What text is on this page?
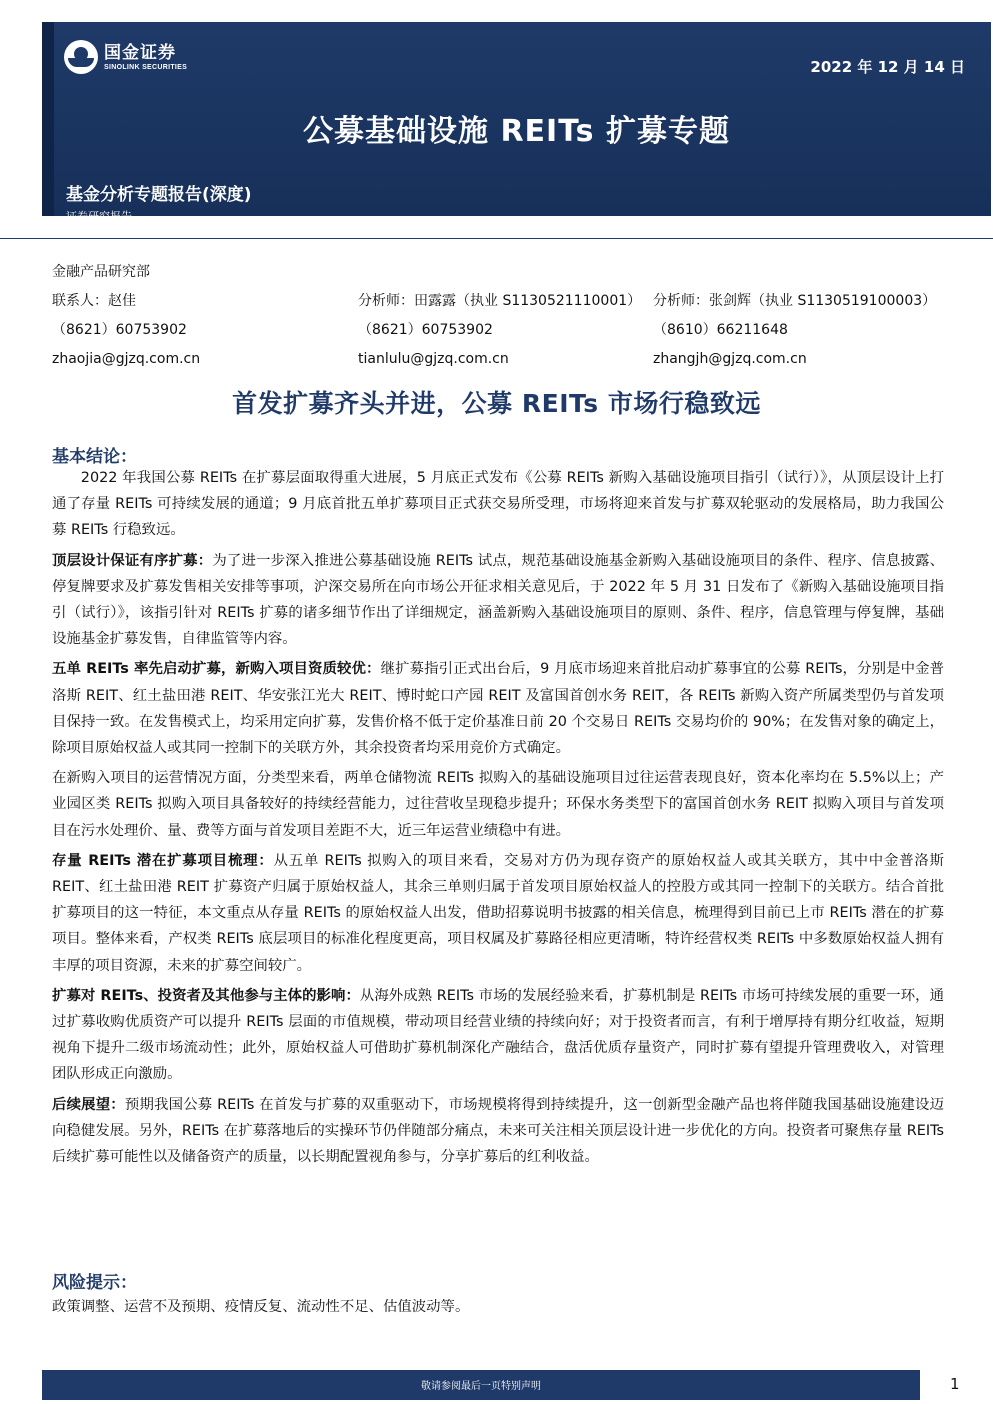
国金证券
SINOLINK SECURITIES	2022 年 12 月 14 日
公募基础设施 REITs 扩募专题
基金分析专题报告(深度)
证券研究报告
金融产品研究部
联系人：赵佳
（8621）60753902
zhaojia@gjzq.com.cn
分析师：田露露（执业 S1130521110001）
（8621）60753902
tianlulu@gjzq.com.cn
分析师：张剑辉（执业 S1130519100003）
（8610）66211648
zhangjh@gjzq.com.cn
首发扩募齐头并进，公募 REITs 市场行稳致远
基本结论：

2022 年我国公募 REITs 在扩募层面取得重大进展，5 月底正式发布《公募 REITs 新购入基础设施项目指引（试行）》，从顶层设计上打通了存量 REITs 可持续发展的通道；9 月底首批五单扩募项目正式获交易所受理，市场将迎来首发与扩募双轮驱动的发展格局，助力我国公募 REITs 行稳致远。

顶层设计保证有序扩募：为了进一步深入推进公募基础设施 REITs 试点，规范基础设施基金新购入基础设施项目的条件、程序、信息披露、停复牌要求及扩募发售相关安排等事项，沪深交易所在向市场公开征求相关意见后，于 2022 年 5 月 31 日发布了《新购入基础设施项目指引（试行）》，该指引针对 REITs 扩募的诸多细节作出了详细规定，涵盖新购入基础设施项目的原则、条件、程序，信息管理与停复牌，基础设施基金扩募发售，自律监管等内容。

五单 REITs 率先启动扩募，新购入项目资质较优：继扩募指引正式出台后，9 月底市场迎来首批启动扩募事宜的公募 REITs，分别是中金普洛斯 REIT、红土盐田港 REIT、华安张江光大 REIT、博时蛇口产园 REIT 及富国首创水务 REIT，各 REITs 新购入资产所属类型仍与首发项目保持一致。在发售模式上，均采用定向扩募，发售价格不低于定价基准日前 20 个交易日 REITs 交易均价的 90%；在发售对象的确定上，除项目原始权益人或其同一控制下的关联方外，其余投资者均采用竞价方式确定。

在新购入项目的运营情况方面，分类型来看，两单仓储物流 REITs 拟购入的基础设施项目过往运营表现良好，资本化率均在 5.5%以上；产业园区类 REITs 拟购入项目具备较好的持续经营能力，过往营收呈现稳步提升；环保水务类型下的富国首创水务 REIT 拟购入项目与首发项目在污水处理价、量、费等方面与首发项目差距不大，近三年运营业绩稳中有进。

存量 REITs 潜在扩募项目梳理：从五单 REITs 拟购入的项目来看，交易对方仍为现存资产的原始权益人或其关联方，其中中金普洛斯 REIT、红土盐田港 REIT 扩募资产归属于原始权益人，其余三单则归属于首发项目原始权益人的控股方或其同一控制下的关联方。结合首批扩募项目的这一特征，本文重点从存量 REITs 的原始权益人出发，借助招募说明书披露的相关信息，梳理得到目前已上市 REITs 潜在的扩募项目。整体来看，产权类 REITs 底层项目的标准化程度更高，项目权属及扩募路径相应更清晰，特许经营权类 REITs 中多数原始权益人拥有丰厚的项目资源，未来的扩募空间较广。

扩募对 REITs、投资者及其他参与主体的影响：从海外成熟 REITs 市场的发展经验来看，扩募机制是 REITs 市场可持续发展的重要一环，通过扩募收购优质资产可以提升 REITs 层面的市值规模，带动项目经营业绩的持续向好；对于投资者而言，有利于增厚持有期分红收益，短期视角下提升二级市场流动性；此外，原始权益人可借助扩募机制深化产融结合，盘活优质存量资产，同时扩募有望提升管理费收入，对管理团队形成正向激励。

后续展望：预期我国公募 REITs 在首发与扩募的双重驱动下，市场规模将得到持续提升，这一创新型金融产品也将伴随我国基础设施建设迈向稳健发展。另外，REITs 在扩募落地后的实操环节仍伴随部分痛点，未来可关注相关顶层设计进一步优化的方向。投资者可聚焦存量 REITs 后续扩募可能性以及储备资产的质量，以长期配置视角参与，分享扩募后的红利收益。

风险提示：
政策调整、运营不及预期、疫情反复、流动性不足、估值波动等。
敬请参阅最后一页特别声明	1
